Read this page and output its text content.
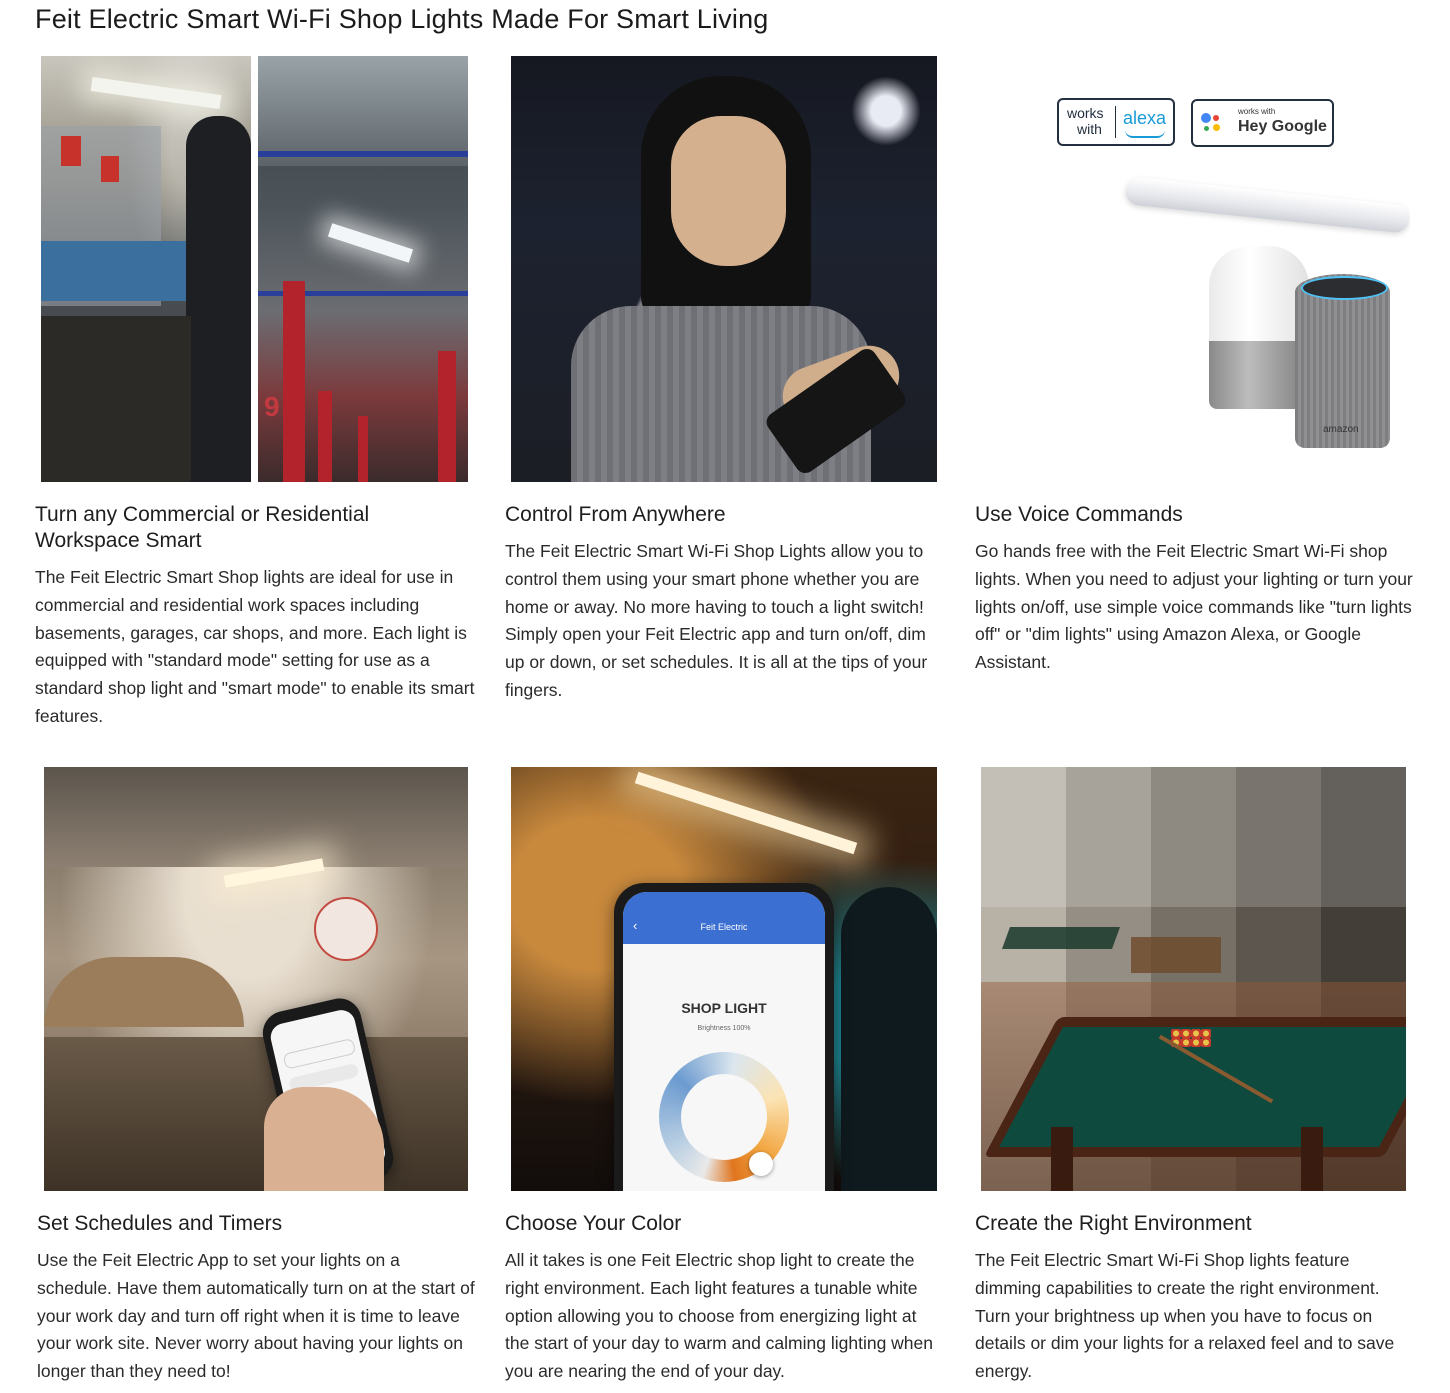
Feit Electric Smart Wi-Fi Shop Lights Made For Smart Living
9
works
with
alexa	works with
Hey Google
amazon
Turn any Commercial or Residential Workspace Smart

The Feit Electric Smart Shop lights are ideal for use in commercial and residential work spaces including basements, garages, car shops, and more. Each light is equipped with "standard mode" setting for use as a standard shop light and "smart mode" to enable its smart features.

Control From Anywhere

The Feit Electric Smart Wi-Fi Shop Lights allow you to control them using your smart phone whether you are home or away. No more having to touch a light switch! Simply open your Feit Electric app and turn on/off, dim up or down, or set schedules. It is all at the tips of your fingers.

Use Voice Commands

Go hands free with the Feit Electric Smart Wi-Fi shop lights. When you need to adjust your lighting or turn your lights on/off, use simple voice commands like "turn lights off" or "dim lights" using Amazon Alexa, or Google Assistant.

Feit Electric
‹
SHOP LIGHT
Brightness 100%
Set Schedules and Timers

Use the Feit Electric App to set your lights on a schedule. Have them automatically turn on at the start of your work day and turn off right when it is time to leave your work site. Never worry about having your lights on longer than they need to!

Choose Your Color

All it takes is one Feit Electric shop light to create the right environment. Each light features a tunable white option allowing you to choose from energizing light at the start of your day to warm and calming lighting when you are nearing the end of your day.

Create the Right Environment

The Feit Electric Smart Wi-Fi Shop lights feature dimming capabilities to create the right environment. Turn your brightness up when you have to focus on details or dim your lights for a relaxed feel and to save energy.
